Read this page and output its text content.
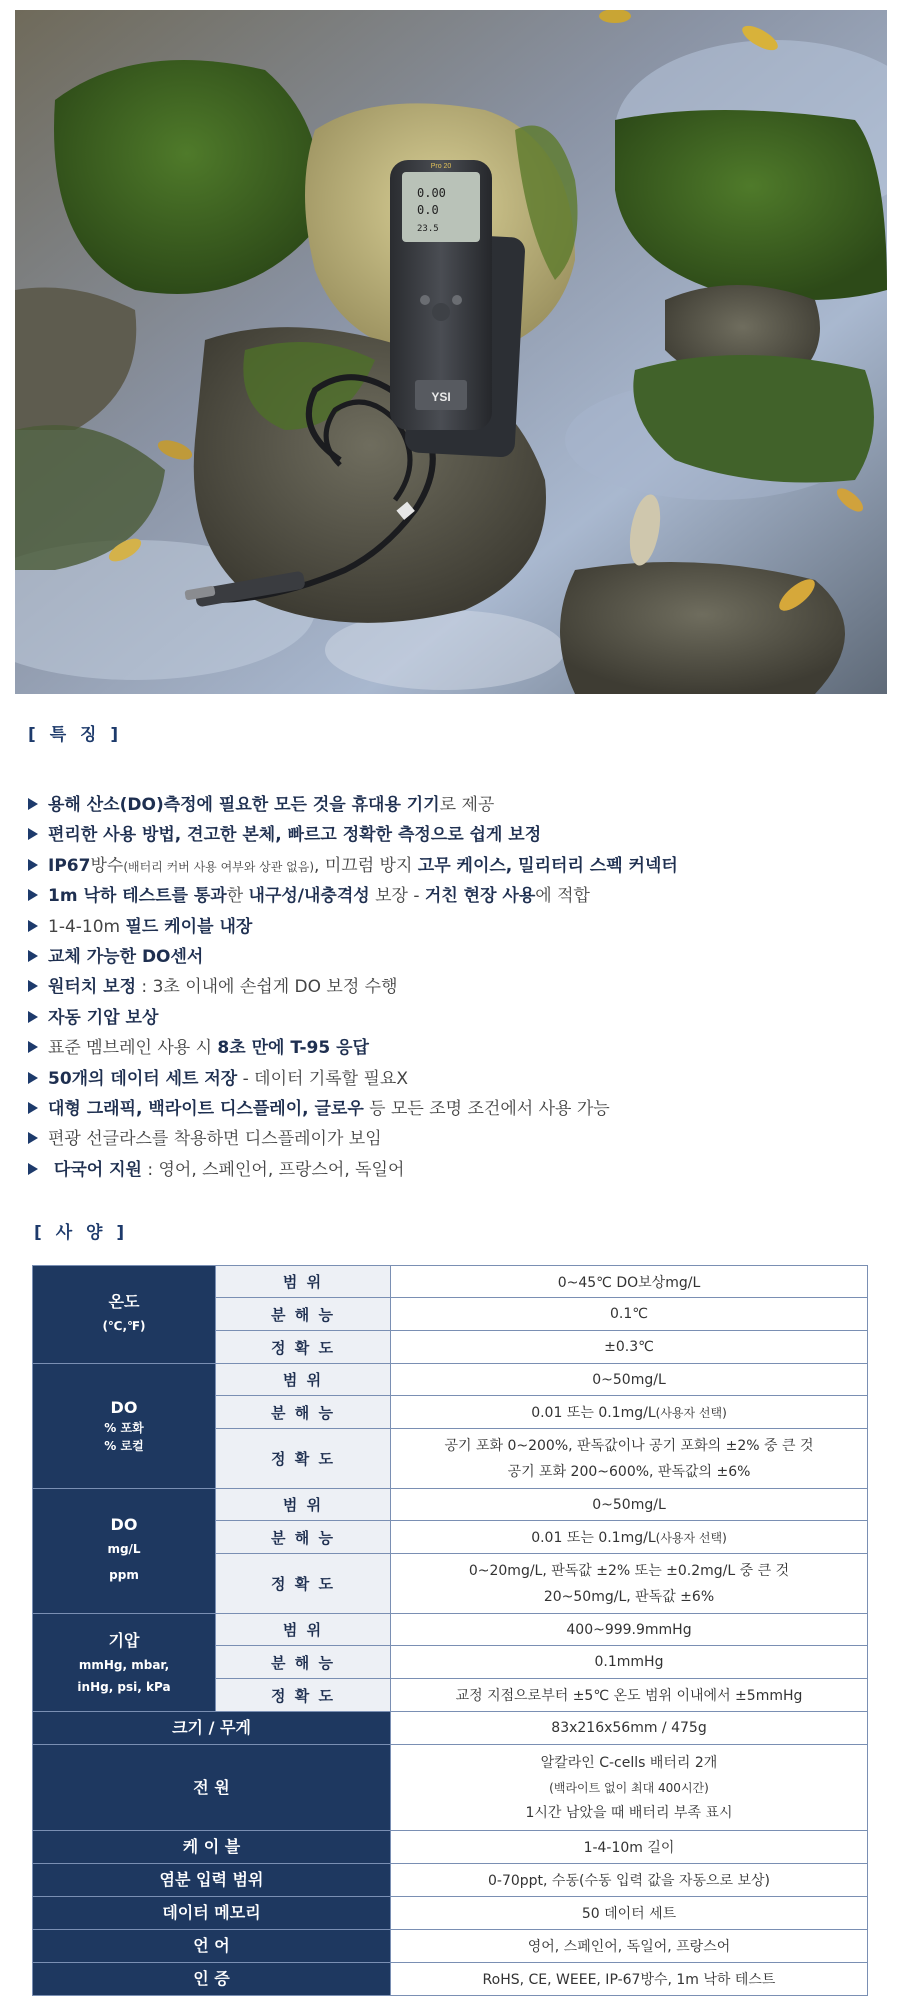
0.00
0.0
23.5
YSI
Pro 20
[ 특 징 ]
용해 산소(DO)측정에 필요한 모든 것을 휴대용 기기로 제공
편리한 사용 방법, 견고한 본체, 빠르고 정확한 측정으로 쉽게 보정
IP67방수(배터리 커버 사용 여부와 상관 없음), 미끄럼 방지 고무 케이스, 밀리터리 스펙 커넥터
1m 낙하 테스트를 통과한 내구성/내충격성 보장 - 거친 현장 사용에 적합
1-4-10m 필드 케이블 내장
교체 가능한 DO센서
원터치 보정 : 3초 이내에 손쉽게 DO 보정 수행
자동 기압 보상
표준 멤브레인 사용 시 8초 만에 T-95 응답
50개의 데이터 세트 저장 - 데이터 기록할 필요X
대형 그래픽, 백라이트 디스플레이, 글로우 등 모든 조명 조건에서 사용 가능
편광 선글라스를 착용하면 디스플레이가 보임
다국어 지원 : 영어, 스페인어, 프랑스어, 독일어
[ 사 양 ]
온도
(℃,℉)	범 위	0~45℃ DO보상mg/L
	분 해 능	0.1℃
	정 확 도	±0.3℃
DO
% 포화
% 로컬	범 위	0~50mg/L
	분 해 능	0.01 또는 0.1mg/L(사용자 선택)
	정 확 도	공기 포화 0~200%, 판독값이나 공기 포화의 ±2% 중 큰 것
공기 포화 200~600%, 판독값의 ±6%

DO
mg/L
ppm	범 위	0~50mg/L
	분 해 능	0.01 또는 0.1mg/L(사용자 선택)
	정 확 도	0~20mg/L, 판독값 ±2% 또는 ±0.2mg/L 중 큰 것
20~50mg/L, 판독값 ±6%

기압
mmHg, mbar,
inHg, psi, kPa	범 위	400~999.9mmHg
	분 해 능	0.1mmHg
	정 확 도	교정 지점으로부터 ±5℃ 온도 범위 이내에서 ±5mmHg
크기 / 무게		83x216x56mm / 475g
전 원		알칼라인 C-cells 배터리 2개
(백라이트 없이 최대 400시간)
1시간 남았을 때 배터리 부족 표시

케 이 블		1-4-10m 길이
염분 입력 범위		0-70ppt, 수동(수동 입력 값을 자동으로 보상)
데이터 메모리		50 데이터 세트
언 어		영어, 스페인어, 독일어, 프랑스어
인 증		RoHS, CE, WEEE, IP-67방수, 1m 낙하 테스트
